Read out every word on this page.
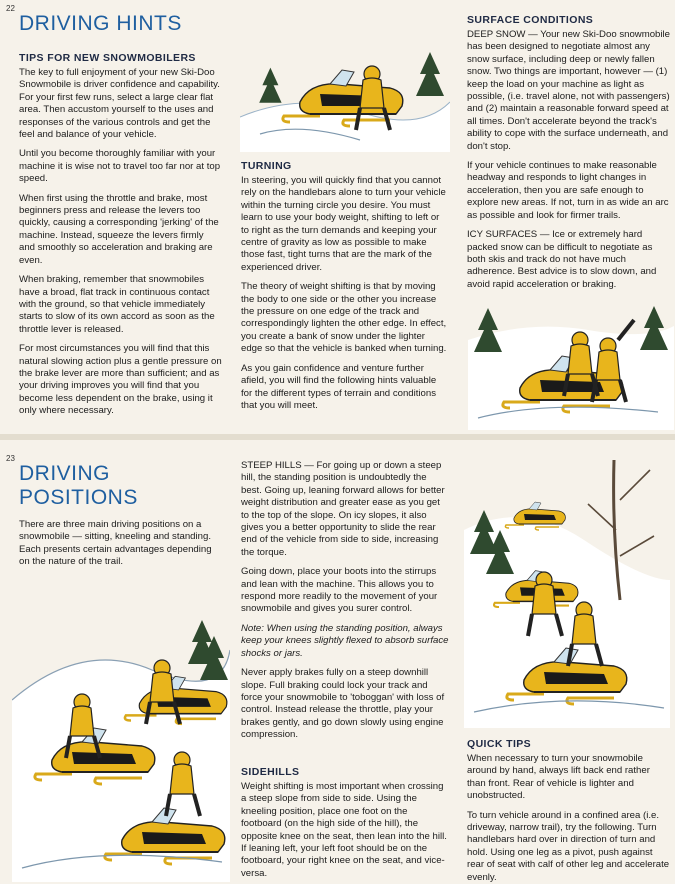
22
DRIVING HINTS
TIPS FOR NEW SNOWMOBILERS

The key to full enjoyment of your new Ski-Doo Snowmobile is driver confidence and capability. For your first few runs, select a large clear flat area. Then accustom yourself to the uses and responses of the various controls and get the feel and balance of your vehicle.

Until you become thoroughly familiar with your machine it is wise not to travel too far nor at top speed.

When first using the throttle and brake, most beginners press and release the levers too quickly, causing a corresponding 'jerking' of the machine. Instead, squeeze the levers firmly and smoothly so acceleration and braking are even.

When braking, remember that snowmobiles have a broad, flat track in continuous contact with the ground, so that vehicle immediately starts to slow of its own accord as soon as the throttle lever is released.

For most circumstances you will find that this natural slowing action plus a gentle pressure on the brake lever are more than sufficient; and as your driving improves you will find that you become less dependent on the brake, using it only where necessary.

TURNING

In steering, you will quickly find that you cannot rely on the handlebars alone to turn your vehicle within the turning circle you desire. You must learn to use your body weight, shifting to left or to right as the turn demands and keeping your centre of gravity as low as possible to make those fast, tight turns that are the mark of the experienced driver.

The theory of weight shifting is that by moving the body to one side or the other you increase the pressure on one edge of the track and correspondingly lighten the other edge. In effect, you create a bank of snow under the lighter edge so that the vehicle is banked when turning.

As you gain confidence and venture further afield, you will find the following hints valuable for the different types of terrain and conditions that you will meet.

SURFACE CONDITIONS

DEEP SNOW — Your new Ski-Doo snowmobile has been designed to negotiate almost any snow surface, including deep or newly fallen snow. Two things are important, however — (1) keep the load on your machine as light as possible, (i.e. travel alone, not with passengers) and (2) maintain a reasonable forward speed at all times. Don't accelerate beyond the track's ability to cope with the surface underneath, and don't stop.

If your vehicle continues to make reasonable headway and responds to light changes in acceleration, then you are safe enough to explore new areas. If not, turn in as wide an arc as possible and look for firmer trails.

ICY SURFACES — Ice or extremely hard packed snow can be difficult to negotiate as both skis and track do not have much adherence. Best advice is to slow down, and avoid rapid acceleration or braking.

23
DRIVING
POSITIONS

There are three main driving positions on a snowmobile — sitting, kneeling and standing. Each presents certain advantages depending on the nature of the trail.

STEEP HILLS — For going up or down a steep hill, the standing position is undoubtedly the best. Going up, leaning forward allows for better weight distribution and greater ease as you get to the top of the slope. On icy slopes, it also gives you a better opportunity to slide the rear end of the vehicle from side to side, increasing the torque.

Going down, place your boots into the stirrups and lean with the machine. This allows you to respond more readily to the movement of your snowmobile and gives you surer control.

Note: When using the standing position, always keep your knees slightly flexed to absorb surface shocks or jars.

Never apply brakes fully on a steep downhill slope. Full braking could lock your track and force your snowmobile to 'toboggan' with loss of control. Instead release the throttle, play your brakes gently, and go down slowly using engine compression.

SIDEHILLS

Weight shifting is most important when crossing a steep slope from side to side. Using the kneeling position, place one foot on the footboard (on the high side of the hill), the opposite knee on the seat, then lean into the hill. If leaning left, your left foot should be on the footboard, your right knee on the seat, and vice-versa.

QUICK TIPS

When necessary to turn your snowmobile around by hand, always lift back end rather than front. Rear of vehicle is lighter and unobstructed.

To turn vehicle around in a confined area (i.e. driveway, narrow trail), try the following. Turn handlebars hard over in direction of turn and hold. Using one leg as a pivot, push against rear of seat with calf of other leg and accelerate evenly.
